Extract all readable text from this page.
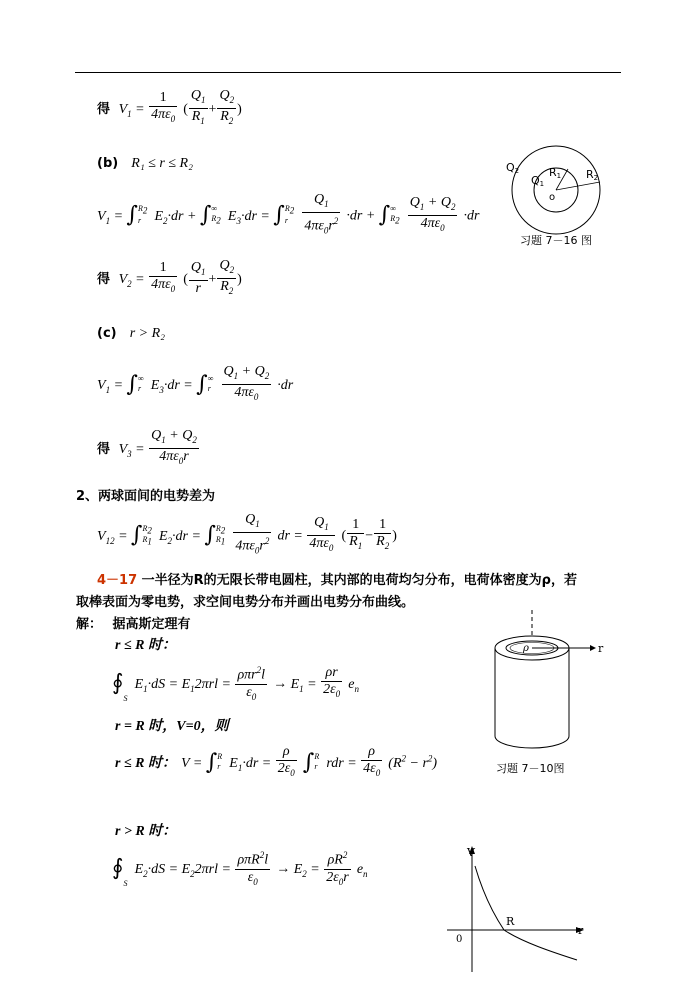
得  $V_1 = \frac{1}{4\pi\varepsilon_0}$ ( $\frac{Q_1}{R_1} + \frac{Q_2}{R_2}$ )
(b) R₁ ≤ r ≤ R₂
$V_1$ = ∫ $R_2$
r $E_2\cdot dr$ + ∫ ∞
$R_2$ $E_3\cdot dr$ = ∫ $R_2$
r
	$\frac{Q_1}{4\pi\varepsilon_0r^2} \cdot dr$ + ∫ ∞
$R_2$
$\frac{Q_1 + Q_2}{4\pi\varepsilon_0} \cdot dr$
得  $V_2 = \frac{1}{4\pi\varepsilon_0}$ ( $\frac{Q_1}{r} + \frac{Q_2}{R_2}$ )
(c) r > R₂
$V_1$ = ∫ ∞
r $E_3\cdot dr$ = ∫ ∞
r
$\frac{Q_1 + Q_2}{4\pi\varepsilon_0} \cdot dr$
得  $V_3 = \frac{Q_1 + Q_2}{4\pi\varepsilon_0r}$
2、两球面间的电势差为
$V_{12}$ = ∫ $R_2$
$R_1$ $E_2\cdot dr$ = ∫ $R_2$
$R_1$
$\frac{Q_1}{4\pi\varepsilon_0r^2}$ dr = $\frac{Q_1}{4\pi\varepsilon_0}$ ( $\frac{1}{R_1} - \frac{1}{R_2}$ )
4－17 一半径为R的无限长带电圆柱，其内部的电荷均匀分布，电荷体密度为ρ，若
取棒表面为零电势，求空间电势分布并画出电势分布曲线。
解： 据高斯定理有
r ≤ R 时：
∮S $E_1\cdot dS = E_12\pi rl = \frac{\rho\pi r^2l}{\varepsilon_0} \to E_1 = \frac{\rho r}{2\varepsilon_0} e_n$
r = R 时，V=0，则
r ≤ R 时： V = ∫ R
r $E_1\cdot dr = \frac{\rho}{2\varepsilon_0}$ ∫ R
r rdr = $\frac{\rho}{4\varepsilon_0} (R^2 - r^2)$
r > R 时：
∮S $E_2\cdot dS = E_22\pi rl = \frac{\rho\pi R^2l}{\varepsilon_0} \to E_2 = \frac{\rho R^2}{2\varepsilon_0r} e_n$
Q2
Q1
R1 R2
o
习题 7－16 图
r
ρ
习题 7－10图
V
R
0
r
